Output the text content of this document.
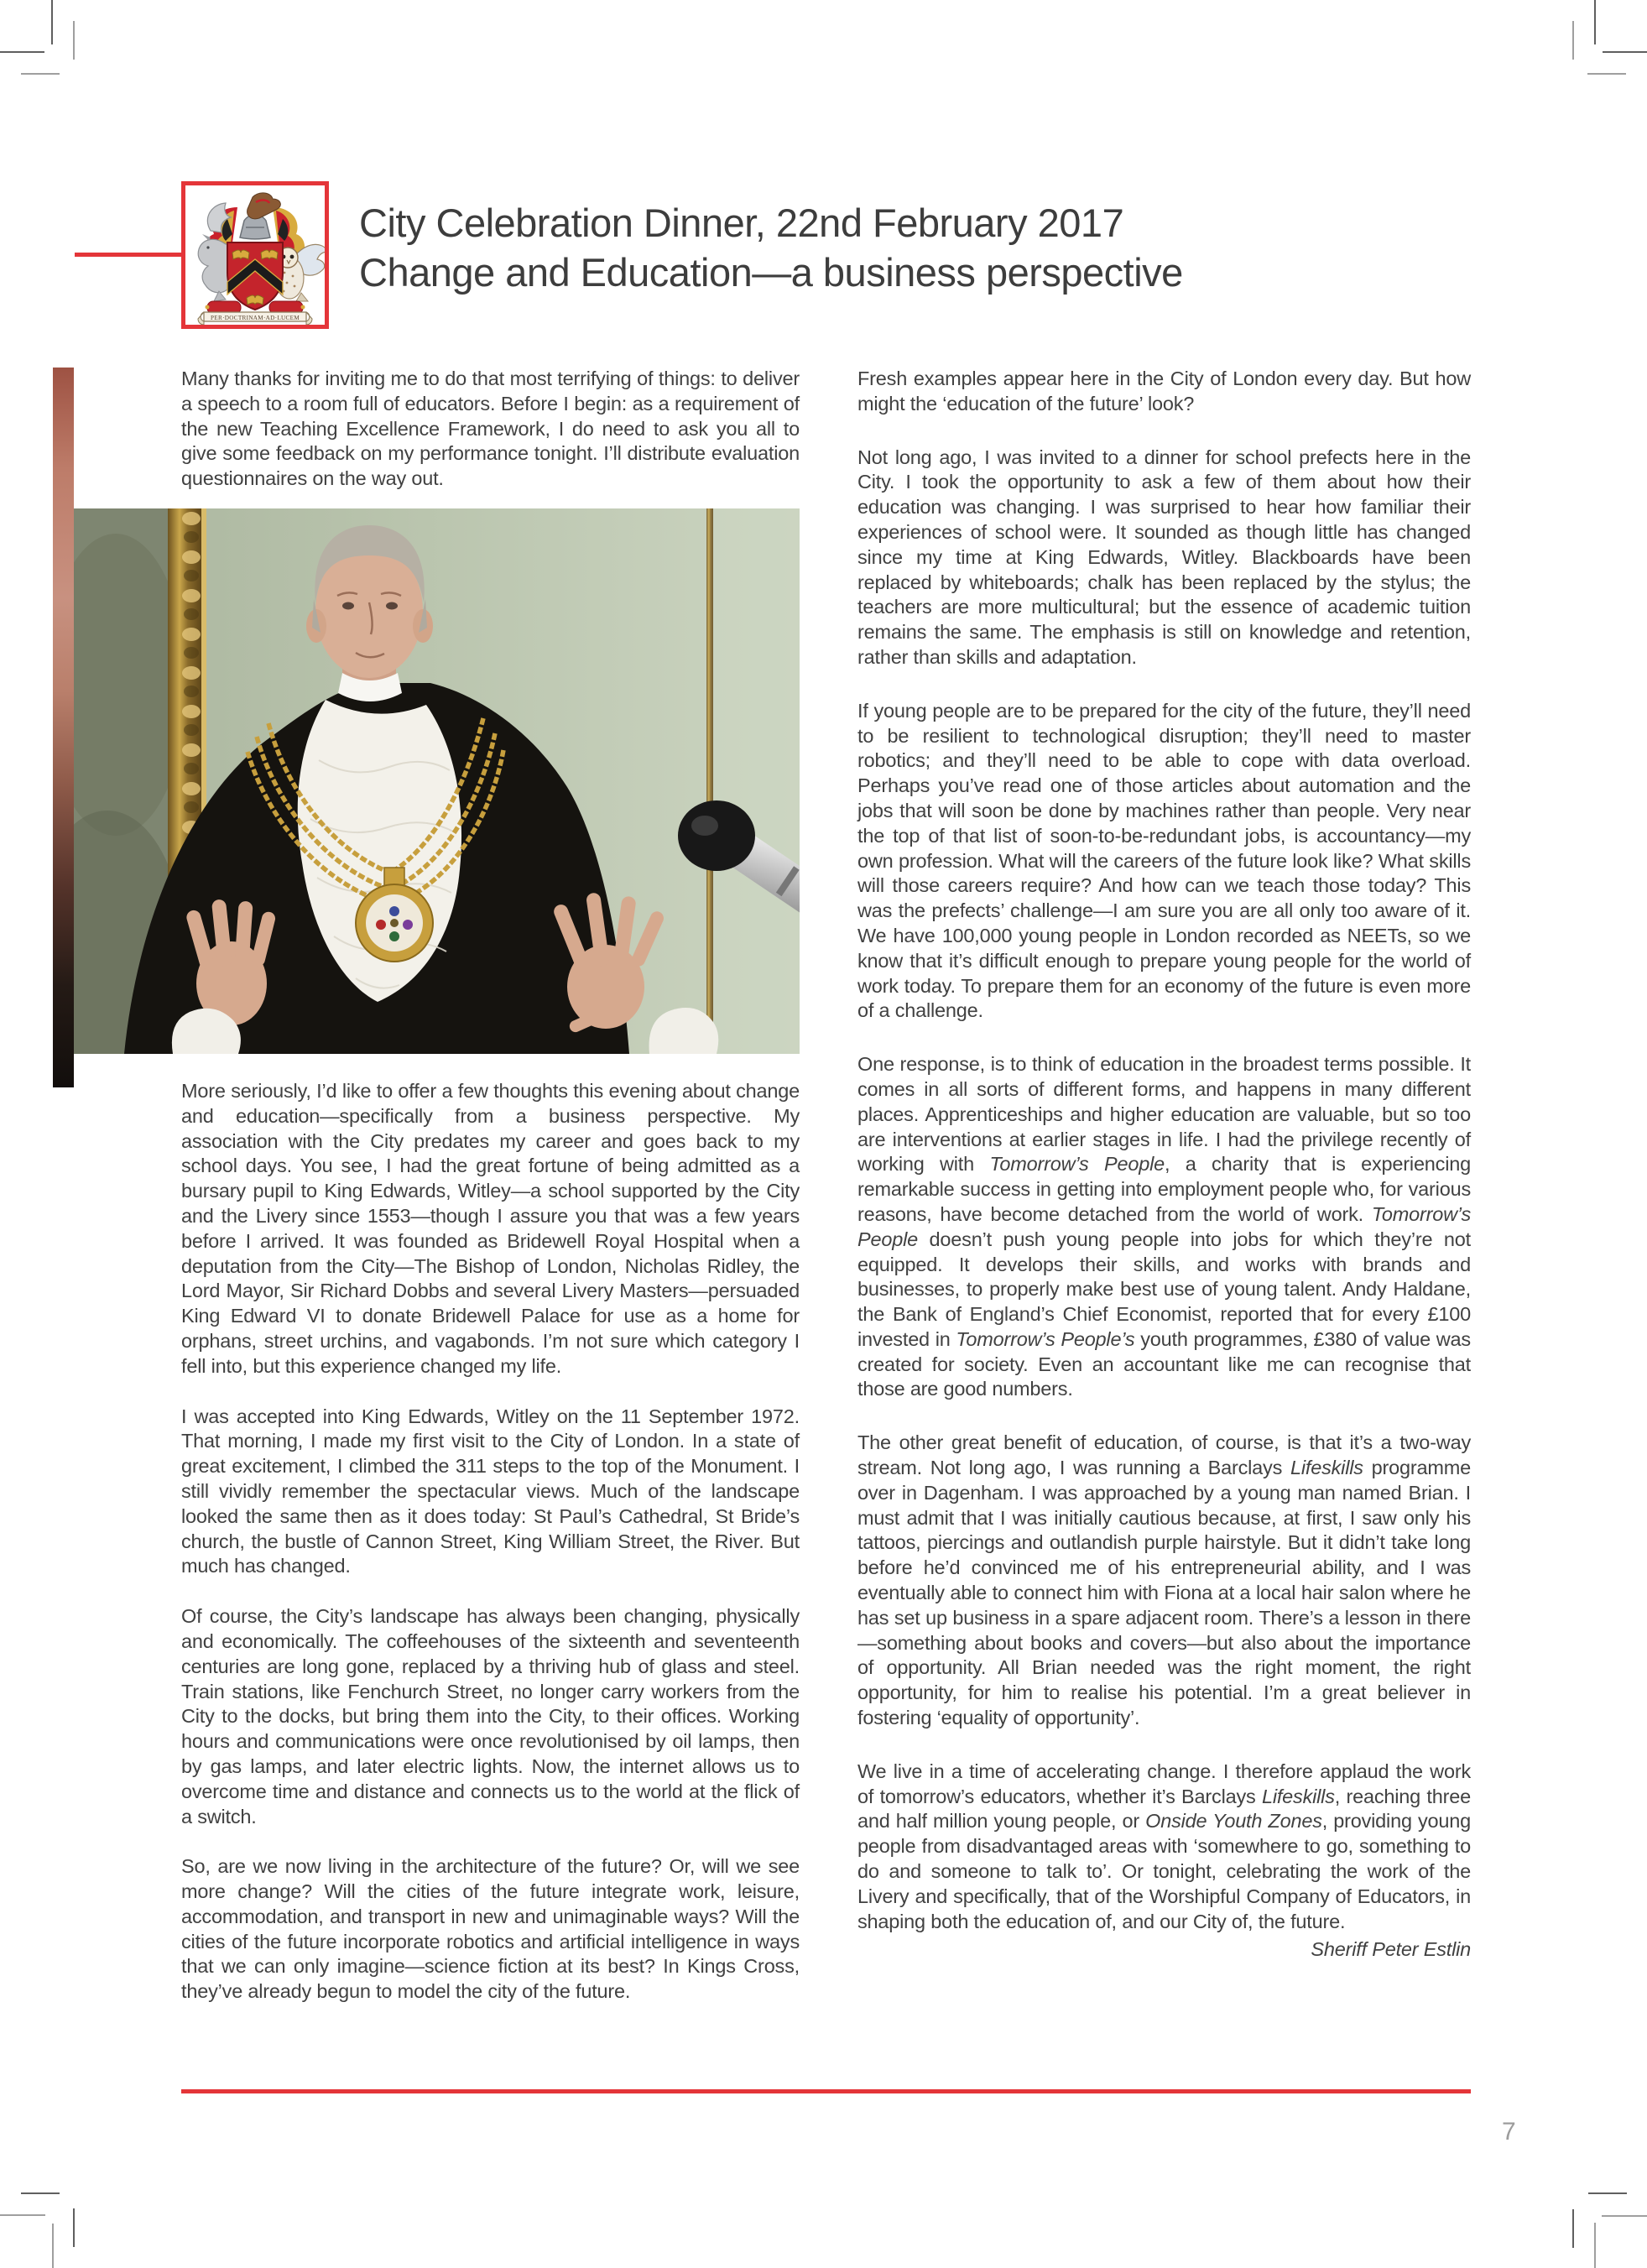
PER·DOCTRINAM·AD·LUCEM
City Celebration Dinner, 22nd February 2017
Change and Education—a business perspective

Many thanks for inviting me to do that most terrifying of things: to deliver a speech to a room full of educators. Before I begin: as a requirement of the new Teaching Excellence Framework, I do need to ask you all to give some feedback on my performance tonight. I’ll distribute evaluation questionnaires on the way out.

More seriously, I’d like to offer a few thoughts this evening about change and education—specifically from a business perspective. My association with the City predates my career and goes back to my school days. You see, I had the great fortune of being admitted as a bursary pupil to King Edwards, Witley—a school supported by the City and the Livery since 1553—though I assure you that was a few years before I arrived. It was founded as Bridewell Royal Hospital when a deputation from the City—The Bishop of London, Nicholas Ridley, the Lord Mayor, Sir Richard Dobbs and several Livery Masters—persuaded King Edward VI to donate Bridewell Palace for use as a home for orphans, street urchins, and vagabonds. I’m not sure which category I fell into, but this experience changed my life.

I was accepted into King Edwards, Witley on the 11 September 1972. That morning, I made my first visit to the City of London. In a state of great excitement, I climbed the 311 steps to the top of the Monument. I still vividly remember the spectacular views. Much of the landscape looked the same then as it does today: St Paul’s Cathedral, St Bride’s church, the bustle of Cannon Street, King William Street, the River. But much has changed.

Of course, the City’s landscape has always been changing, physically and economically. The coffeehouses of the sixteenth and seventeenth centuries are long gone, replaced by a thriving hub of glass and steel. Train stations, like Fenchurch Street, no longer carry workers from the City to the docks, but bring them into the City, to their offices. Working hours and communications were once revolutionised by oil lamps, then by gas lamps, and later electric lights. Now, the internet allows us to overcome time and distance and connects us to the world at the flick of a switch.

So, are we now living in the architecture of the future? Or, will we see more change? Will the cities of the future integrate work, leisure, accommodation, and transport in new and unimaginable ways? Will the cities of the future incorporate robotics and artificial intelligence in ways that we can only imagine—science fiction at its best? In Kings Cross, they’ve already begun to model the city of the future.

Fresh examples appear here in the City of London every day. But how might the ‘education of the future’ look?

Not long ago, I was invited to a dinner for school prefects here in the City. I took the opportunity to ask a few of them about how their education was changing. I was surprised to hear how familiar their experiences of school were. It sounded as though little has changed since my time at King Edwards, Witley. Blackboards have been replaced by whiteboards; chalk has been replaced by the stylus; the teachers are more multicultural; but the essence of academic tuition remains the same. The emphasis is still on knowledge and retention, rather than skills and adaptation.

If young people are to be prepared for the city of the future, they’ll need to be resilient to technological disruption; they’ll need to master robotics; and they’ll need to be able to cope with data overload. Perhaps you’ve read one of those articles about automation and the jobs that will soon be done by machines rather than people. Very near the top of that list of soon-to-be-redundant jobs, is accountancy—my own profession. What will the careers of the future look like? What skills will those careers require? And how can we teach those today? This was the prefects’ challenge—I am sure you are all only too aware of it. We have 100,000 young people in London recorded as NEETs, so we know that it’s difficult enough to prepare young people for the world of work today. To prepare them for an economy of the future is even more of a challenge.

One response, is to think of education in the broadest terms possible. It comes in all sorts of different forms, and happens in many different places. Apprenticeships and higher education are valuable, but so too are interventions at earlier stages in life. I had the privilege recently of working with Tomorrow’s People, a charity that is experiencing remarkable success in getting into employment people who, for various reasons, have become detached from the world of work. Tomorrow’s People doesn’t push young people into jobs for which they’re not equipped. It develops their skills, and works with brands and businesses, to properly make best use of young talent. Andy Haldane, the Bank of England’s Chief Economist, reported that for every £100 invested in Tomorrow’s People’s youth programmes, £380 of value was created for society. Even an accountant like me can recognise that those are good numbers.

The other great benefit of education, of course, is that it’s a two-way stream. Not long ago, I was running a Barclays Lifeskills programme over in Dagenham. I was approached by a young man named Brian. I must admit that I was initially cautious because, at first, I saw only his tattoos, piercings and outlandish purple hairstyle. But it didn’t take long before he’d convinced me of his entrepreneurial ability, and I was eventually able to connect him with Fiona at a local hair salon where he has set up business in a spare adjacent room. There’s a lesson in there—something about books and covers—but also about the importance of opportunity. All Brian needed was the right moment, the right opportunity, for him to realise his potential. I’m a great believer in fostering ‘equality of opportunity’.

We live in a time of accelerating change. I therefore applaud the work of tomorrow’s educators, whether it’s Barclays Lifeskills, reaching three and half million young people, or Onside Youth Zones, providing young people from disadvantaged areas with ‘somewhere to go, something to do and someone to talk to’. Or tonight, celebrating the work of the Livery and specifically, that of the Worshipful Company of Educators, in shaping both the education of, and our City of, the future.

Sheriff Peter Estlin

7
